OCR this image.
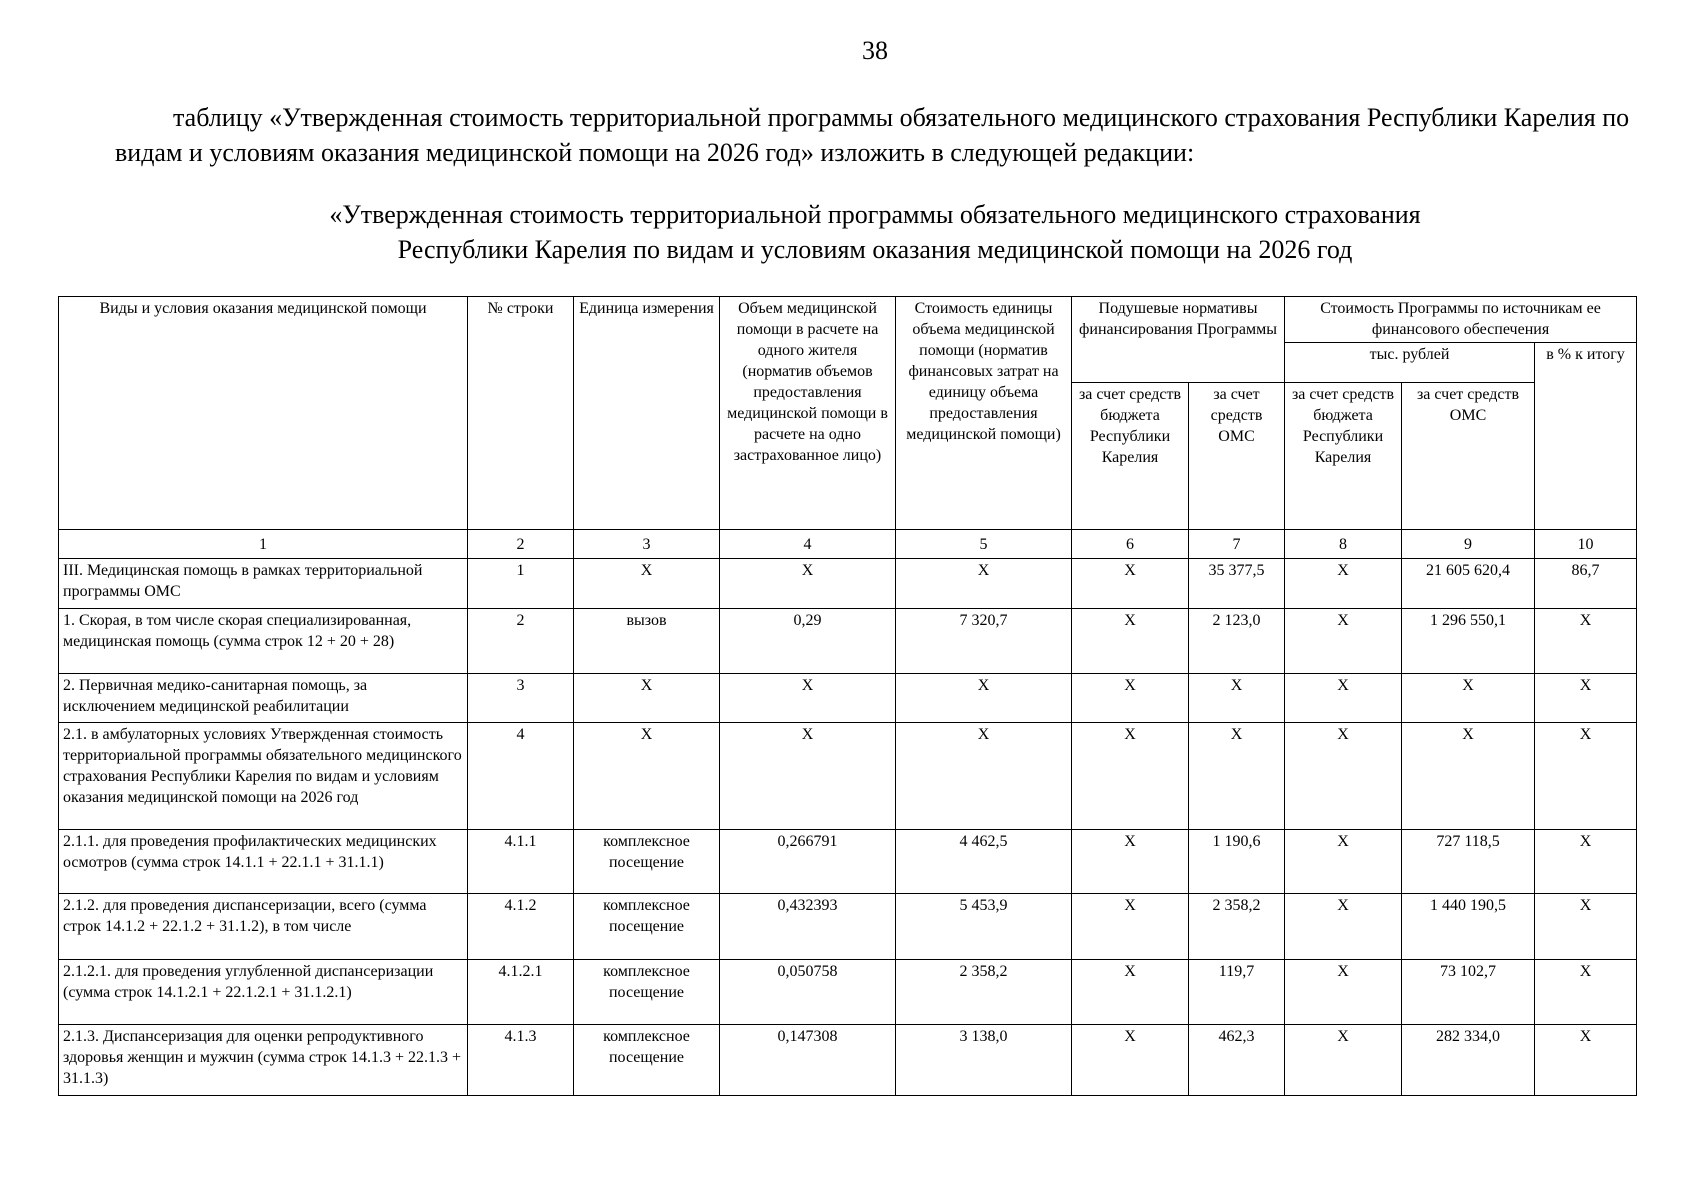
38
таблицу «Утвержденная стоимость территориальной программы обязательного медицинского страхования Республики Карелия по видам и условиям оказания медицинской помощи на 2026 год» изложить в следующей редакции:
«Утвержденная стоимость территориальной программы обязательного медицинского страхования
Республики Карелия по видам и условиям оказания медицинской помощи на 2026 год
Виды и условия оказания медицинской помощи	№ строки	Единица измерения	Объем медицинской помощи в расчете на одного жителя (норматив объемов предоставления медицинской помощи в расчете на одно застрахованное лицо)	Стоимость единицы объема медицинской помощи (норматив финансовых затрат на единицу объема предоставления медицинской помощи)	Подушевые нормативы финансирования Программы		Стоимость Программы по источникам ее финансового обеспечения		
							тыс. рублей		в % к итогу
					за счет средств бюджета Республики Карелия	за счет средств ОМС	за счет средств бюджета Республики Карелия	за счет средств ОМС	
1	2	3	4	5	6	7	8	9	10
III. Медицинская помощь в рамках территориальной программы ОМС	1	Х	Х	Х	Х	35 377,5	Х	21 605 620,4	86,7
1. Скорая, в том числе скорая специализированная, медицинская помощь (сумма строк 12 + 20 + 28)	2	вызов	0,29	7 320,7	Х	2 123,0	Х	1 296 550,1	Х
2. Первичная медико-санитарная помощь, за исключением медицинской реабилитации	3	Х	Х	Х	Х	Х	Х	Х	Х
2.1. в амбулаторных условиях Утвержденная стоимость территориальной программы обязательного медицинского страхования Республики Карелия по видам и условиям оказания медицинской помощи на 2026 год	4	Х	Х	Х	Х	Х	Х	Х	Х
2.1.1. для проведения профилактических медицинских осмотров (сумма строк 14.1.1 + 22.1.1 + 31.1.1)	4.1.1	комплексное посещение	0,266791	4 462,5	Х	1 190,6	Х	727 118,5	Х
2.1.2. для проведения диспансеризации, всего (сумма строк 14.1.2 + 22.1.2 + 31.1.2), в том числе	4.1.2	комплексное посещение	0,432393	5 453,9	Х	2 358,2	Х	1 440 190,5	Х
2.1.2.1. для проведения углубленной диспансеризации (сумма строк 14.1.2.1 + 22.1.2.1 + 31.1.2.1)	4.1.2.1	комплексное посещение	0,050758	2 358,2	Х	119,7	Х	73 102,7	Х
2.1.3. Диспансеризация для оценки репродуктивного здоровья женщин и мужчин (сумма строк 14.1.3 + 22.1.3 + 31.1.3)	4.1.3	комплексное посещение	0,147308	3 138,0	Х	462,3	Х	282 334,0	Х
